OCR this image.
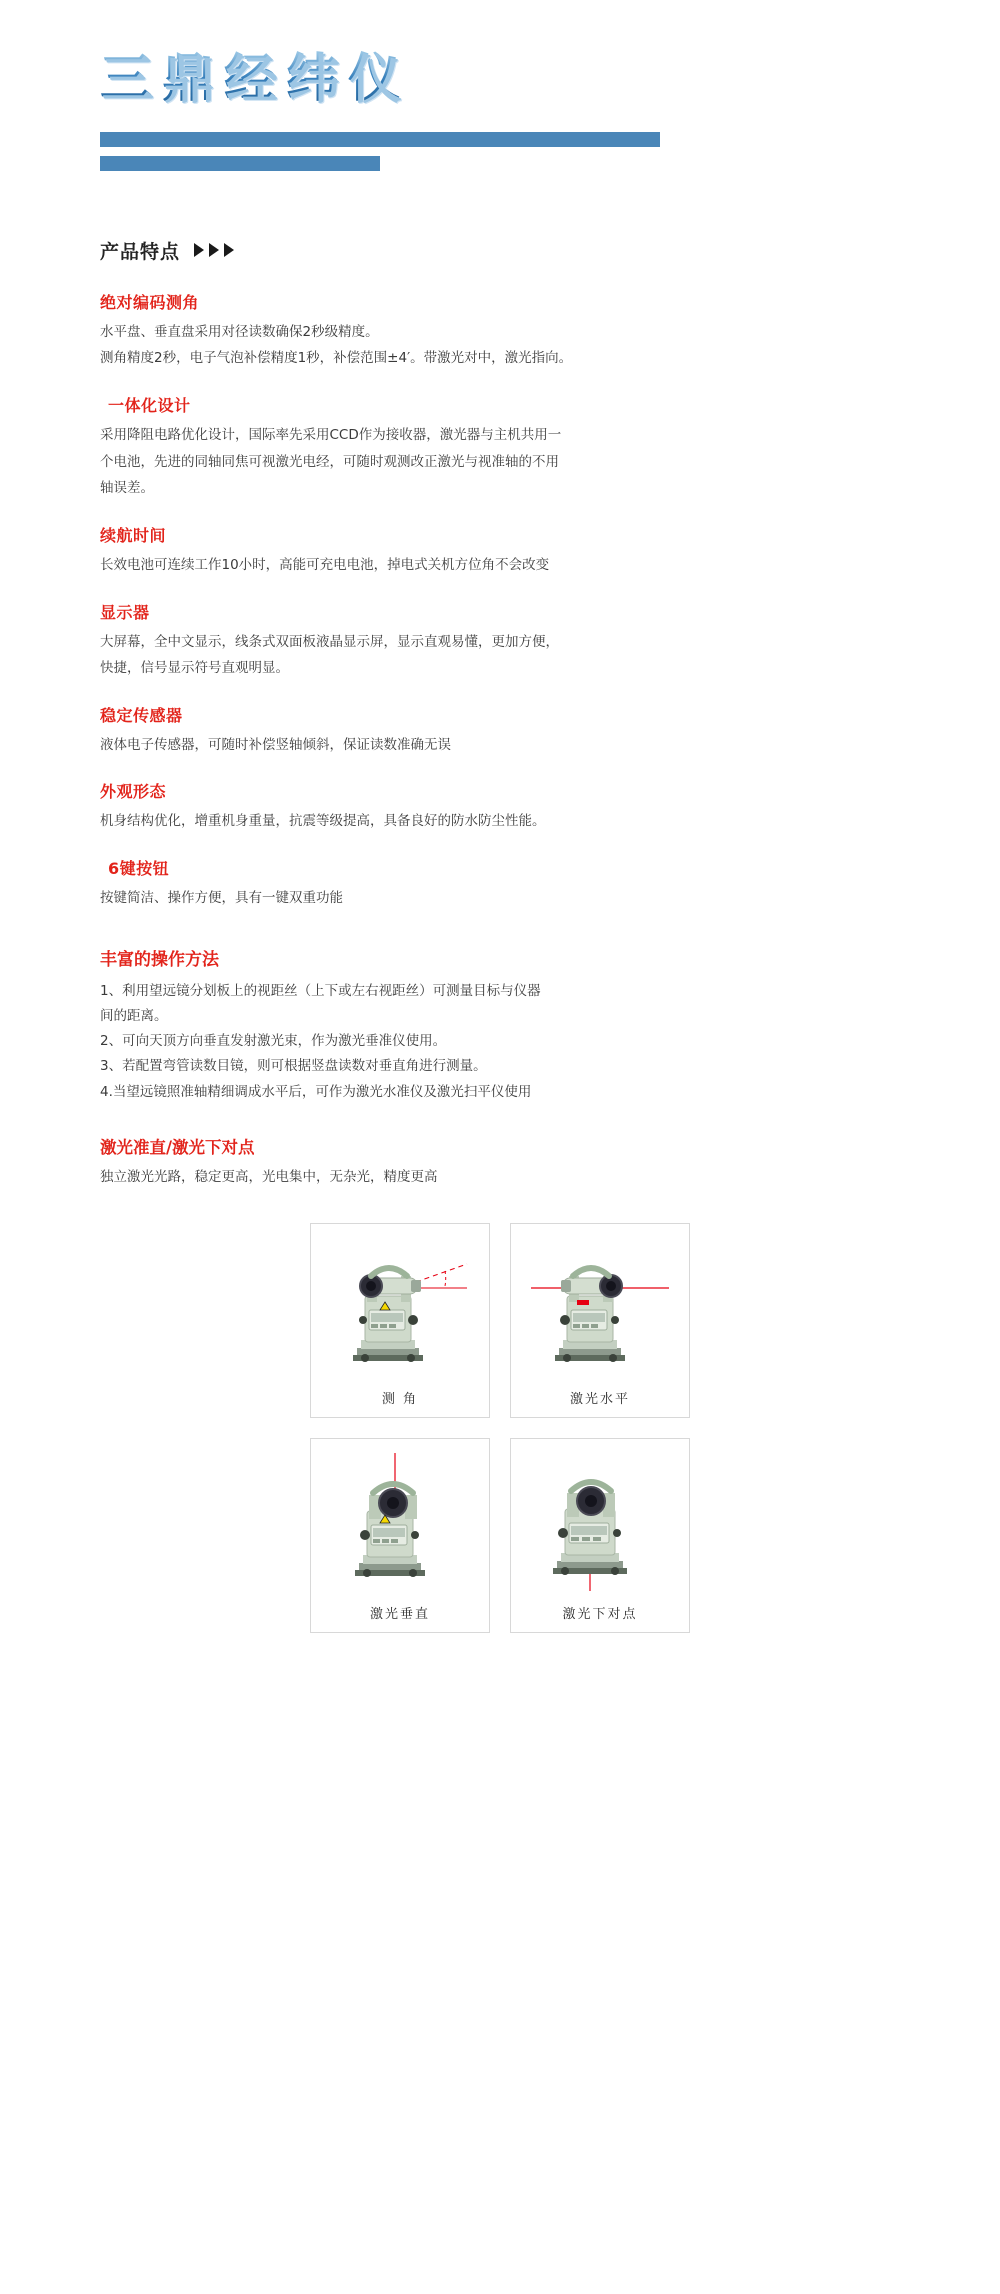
三鼎经纬仪
产品特点
绝对编码测角

水平盘、垂直盘采用对径读数确保2秒级精度。

测角精度2秒，电子气泡补偿精度1秒，补偿范围±4′。带激光对中，激光指向。

一体化设计

采用降阻电路优化设计，国际率先采用CCD作为接收器，激光器与主机共用一

个电池，先进的同轴同焦可视激光电经，可随时观测改正激光与视准轴的不用

轴误差。

续航时间

长效电池可连续工作10小时，高能可充电电池，掉电式关机方位角不会改变

显示器

大屏幕，全中文显示，线条式双面板液晶显示屏，显示直观易懂，更加方便，

快捷，信号显示符号直观明显。

稳定传感器

液体电子传感器，可随时补偿竖轴倾斜，保证读数准确无误

外观形态

机身结构优化，增重机身重量，抗震等级提高，具备良好的防水防尘性能。

6键按钮

按键简洁、操作方便，具有一键双重功能

丰富的操作方法

1、利用望远镜分划板上的视距丝（上下或左右视距丝）可测量目标与仪器

间的距离。

2、可向天顶方向垂直发射激光束，作为激光垂准仪使用。

3、若配置弯管读数目镜，则可根据竖盘读数对垂直角进行测量。

4.当望远镜照准轴精细调成水平后，可作为激光水准仪及激光扫平仪使用

激光准直/激光下对点

独立激光光路，稳定更高，光电集中，无杂光，精度更高

测 角	激光水平
激光垂直	激光下对点
